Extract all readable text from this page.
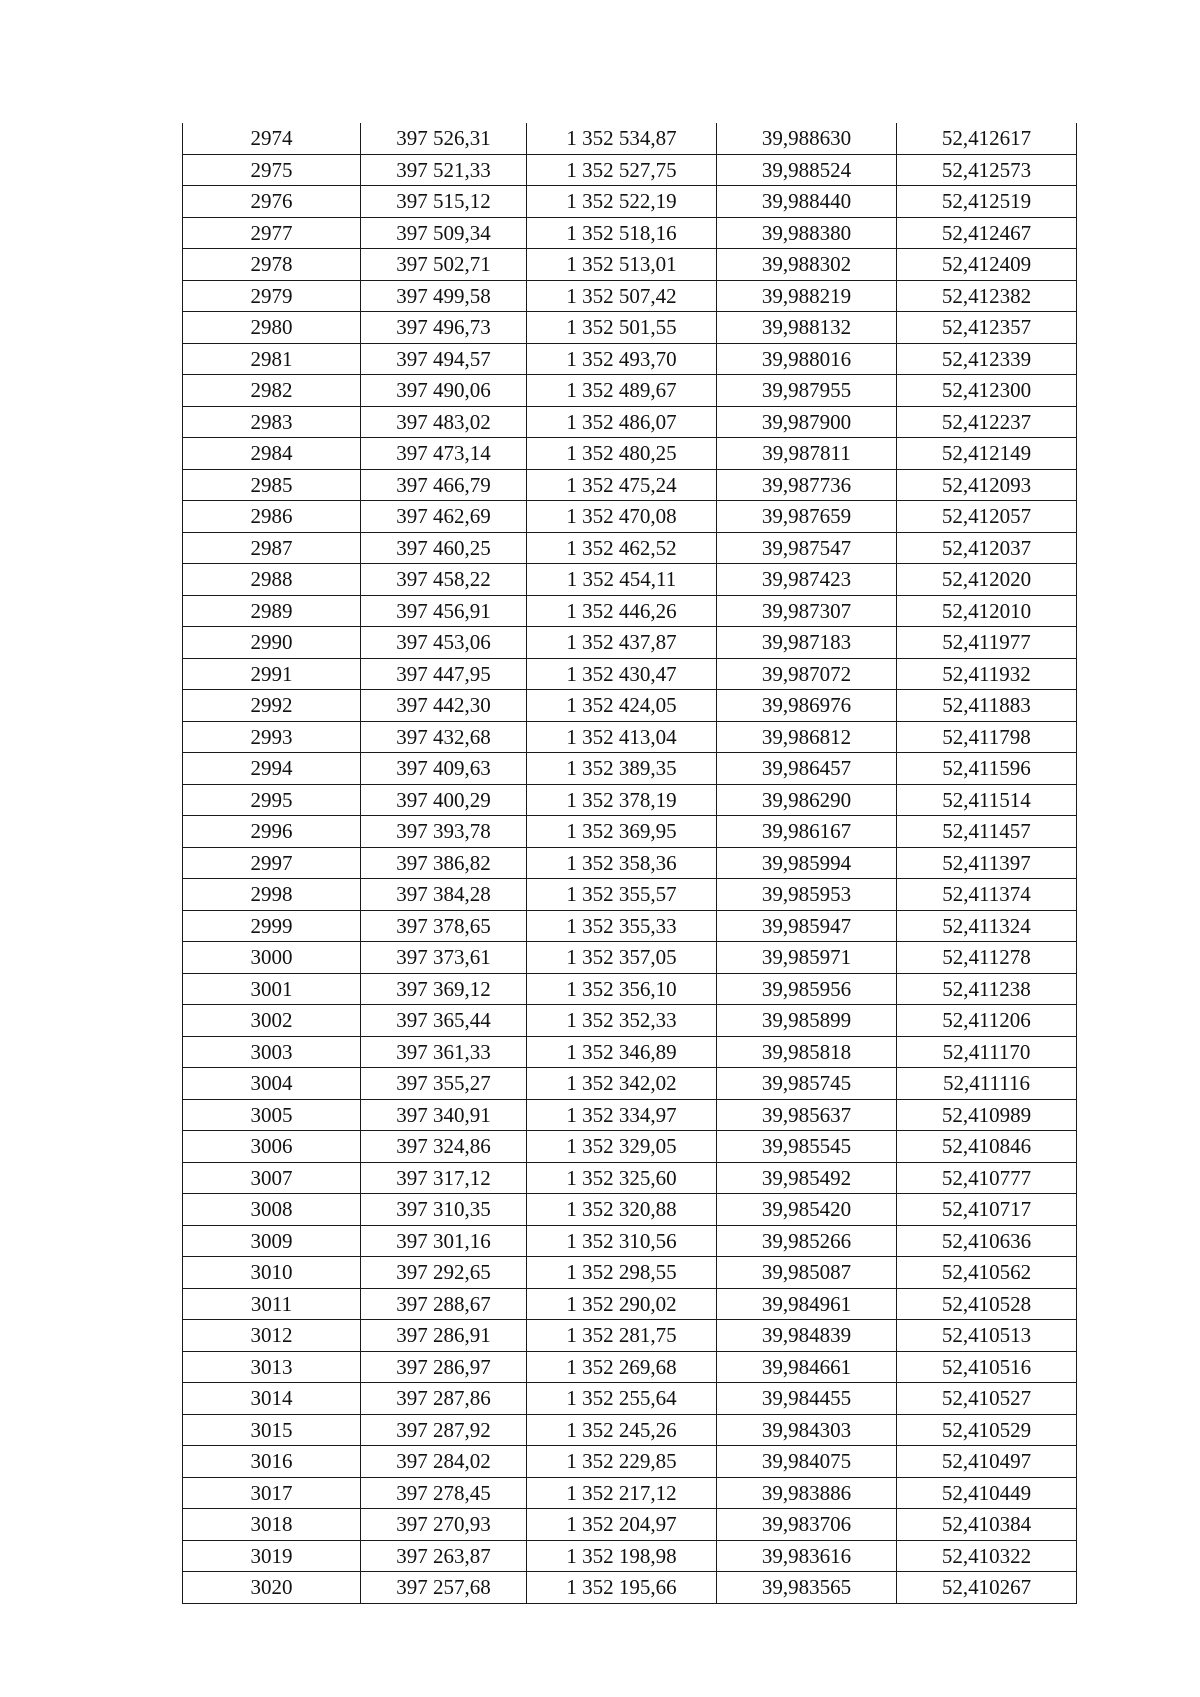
2974	397 526,31	1 352 534,87	39,988630	52,412617
2975	397 521,33	1 352 527,75	39,988524	52,412573
2976	397 515,12	1 352 522,19	39,988440	52,412519
2977	397 509,34	1 352 518,16	39,988380	52,412467
2978	397 502,71	1 352 513,01	39,988302	52,412409
2979	397 499,58	1 352 507,42	39,988219	52,412382
2980	397 496,73	1 352 501,55	39,988132	52,412357
2981	397 494,57	1 352 493,70	39,988016	52,412339
2982	397 490,06	1 352 489,67	39,987955	52,412300
2983	397 483,02	1 352 486,07	39,987900	52,412237
2984	397 473,14	1 352 480,25	39,987811	52,412149
2985	397 466,79	1 352 475,24	39,987736	52,412093
2986	397 462,69	1 352 470,08	39,987659	52,412057
2987	397 460,25	1 352 462,52	39,987547	52,412037
2988	397 458,22	1 352 454,11	39,987423	52,412020
2989	397 456,91	1 352 446,26	39,987307	52,412010
2990	397 453,06	1 352 437,87	39,987183	52,411977
2991	397 447,95	1 352 430,47	39,987072	52,411932
2992	397 442,30	1 352 424,05	39,986976	52,411883
2993	397 432,68	1 352 413,04	39,986812	52,411798
2994	397 409,63	1 352 389,35	39,986457	52,411596
2995	397 400,29	1 352 378,19	39,986290	52,411514
2996	397 393,78	1 352 369,95	39,986167	52,411457
2997	397 386,82	1 352 358,36	39,985994	52,411397
2998	397 384,28	1 352 355,57	39,985953	52,411374
2999	397 378,65	1 352 355,33	39,985947	52,411324
3000	397 373,61	1 352 357,05	39,985971	52,411278
3001	397 369,12	1 352 356,10	39,985956	52,411238
3002	397 365,44	1 352 352,33	39,985899	52,411206
3003	397 361,33	1 352 346,89	39,985818	52,411170
3004	397 355,27	1 352 342,02	39,985745	52,411116
3005	397 340,91	1 352 334,97	39,985637	52,410989
3006	397 324,86	1 352 329,05	39,985545	52,410846
3007	397 317,12	1 352 325,60	39,985492	52,410777
3008	397 310,35	1 352 320,88	39,985420	52,410717
3009	397 301,16	1 352 310,56	39,985266	52,410636
3010	397 292,65	1 352 298,55	39,985087	52,410562
3011	397 288,67	1 352 290,02	39,984961	52,410528
3012	397 286,91	1 352 281,75	39,984839	52,410513
3013	397 286,97	1 352 269,68	39,984661	52,410516
3014	397 287,86	1 352 255,64	39,984455	52,410527
3015	397 287,92	1 352 245,26	39,984303	52,410529
3016	397 284,02	1 352 229,85	39,984075	52,410497
3017	397 278,45	1 352 217,12	39,983886	52,410449
3018	397 270,93	1 352 204,97	39,983706	52,410384
3019	397 263,87	1 352 198,98	39,983616	52,410322
3020	397 257,68	1 352 195,66	39,983565	52,410267
